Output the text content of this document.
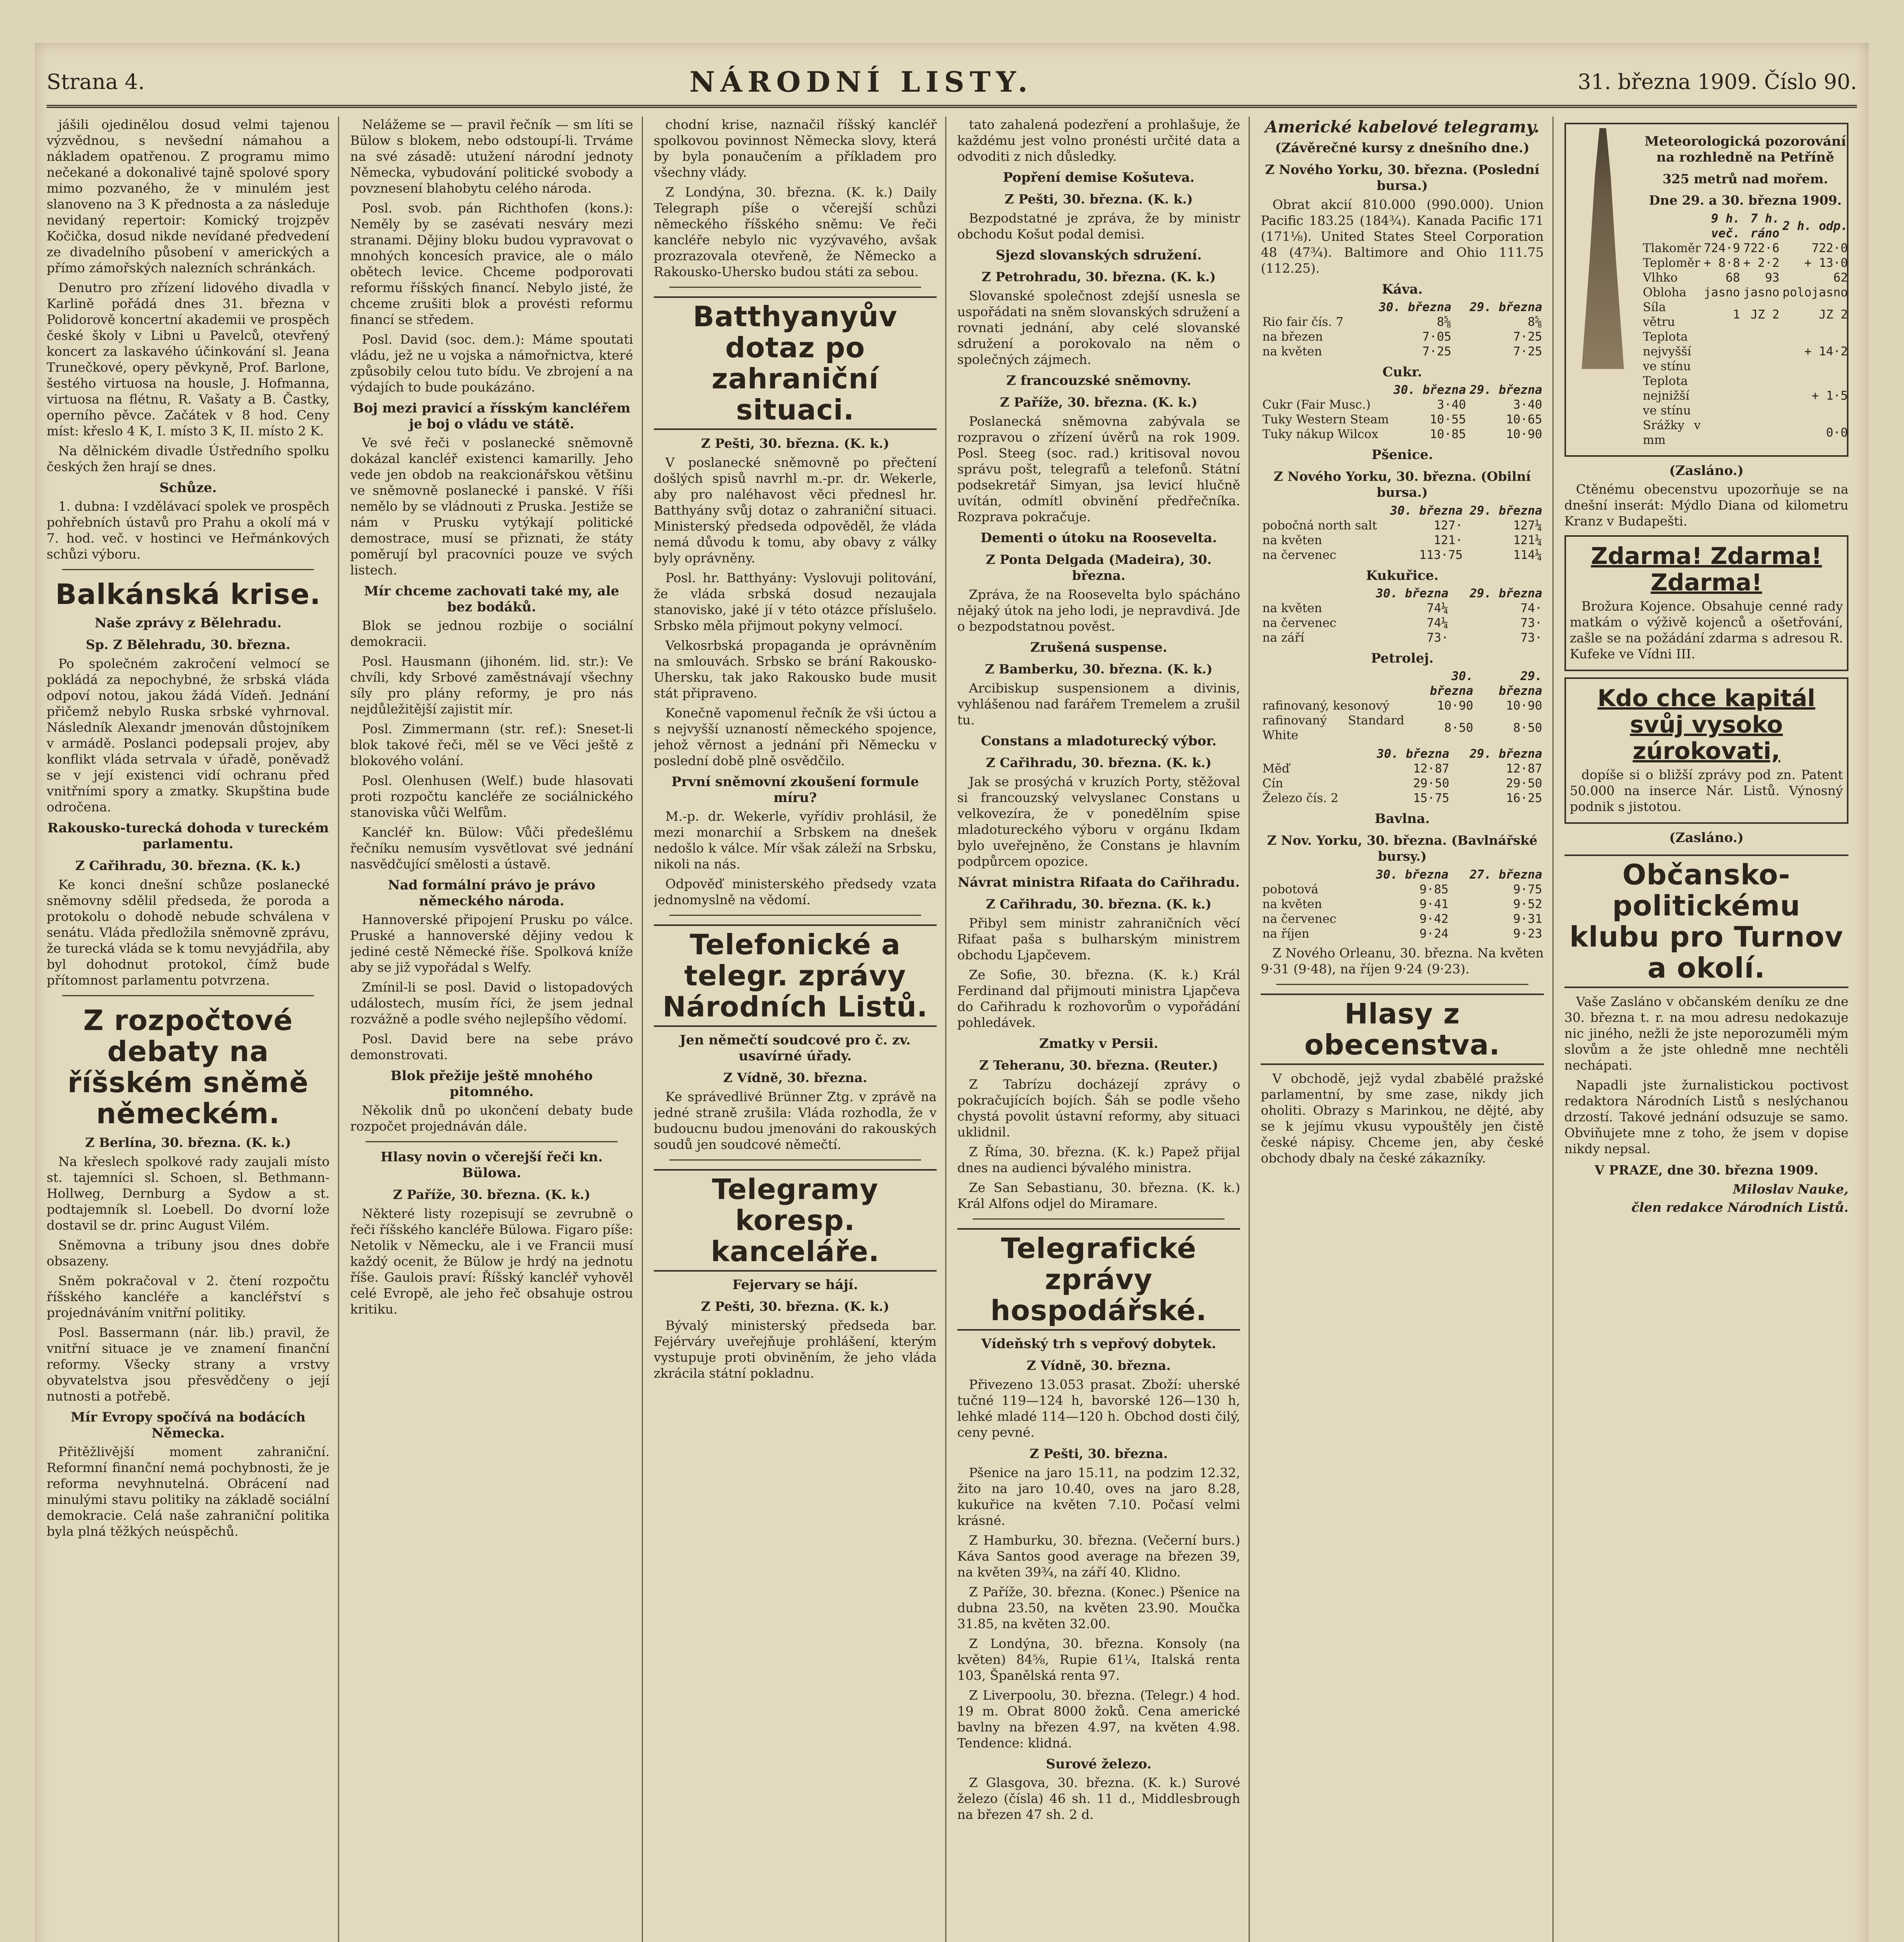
Strana 4.	NÁRODNÍ LISTY.	31. března 1909. Číslo 90.

jášili ojedinělou dosud velmi tajenou výzvědnou, s nevšední námahou a nákladem opatřenou. Z programu mimo nečekané a dokonalivé tajně spolové spory mimo pozvaného, že v minulém jest slanoveno na 3 K přednosta a za následuje nevidaný repertoir: Komický trojzpěv Kočička, dosud nikde nevídané předvedení ze divadelního působení v amerických a přímo zámořských nalezních schránkách.

Denutro pro zřízení lidového divadla v Karlině pořádá dnes 31. března v Polidorově koncertní akademii ve prospěch české školy v Libni u Pavelců, otevřený koncert za laskavého účinkování sl. Jeana Trunečkové, opery pěvkyně, Prof. Barlone, šestého virtuosa na housle, J. Hofmanna, virtuosa na flétnu, R. Vašaty a B. Častky, operního pěvce. Začátek v 8 hod. Ceny míst: křeslo 4 K, I. místo 3 K, II. místo 2 K.

Na dělnickém divadle Ústředního spolku českých žen hrají se dnes.

Schůze.

1. dubna: I vzdělávací spolek ve prospěch pohřebních ústavů pro Prahu a okolí má v 7. hod. več. v hostinci ve Heřmánkových schůzi výboru.

Balkánská krise.
Naše zprávy z Bělehradu.
Sp. Z Bělehradu, 30. března.

Po společném zakročení velmocí se pokládá za nepochybné, že srbská vláda odpoví notou, jakou žádá Vídeň. Jednání přičemž nebylo Ruska srbské vyhrnoval. Následník Alexandr jmenován důstojníkem v armádě. Poslanci podepsali projev, aby konflikt vláda setrvala v úřadě, poněvadž se v její existenci vidí ochranu před vnitřními spory a zmatky. Skupština bude odročena.

Rakousko-turecká dohoda v tureckém parlamentu.
Z Cařihradu, 30. března. (K. k.)

Ke konci dnešní schůze poslanecké sněmovny sdělil předseda, že poroda a protokolu o dohodě nebude schválena v senátu. Vláda předložila sněmovně zprávu, že turecká vláda se k tomu nevyjádřila, aby byl dohodnut protokol, čímž bude přítomnost parlamentu potvrzena.

Z rozpočtové debaty na říšském sněmě německém.
Z Berlína, 30. března. (K. k.)

Na křeslech spolkové rady zaujali místo st. tajemníci sl. Schoen, sl. Bethmann-Hollweg, Dernburg a Sydow a st. podtajemník sl. Loebell. Do dvorní lože dostavil se dr. princ August Vilém.

Sněmovna a tribuny jsou dnes dobře obsazeny.

Sněm pokračoval v 2. čtení rozpočtu říšského kancléře a kancléřství s projednáváním vnitřní politiky.

Posl. Bassermann (nár. lib.) pravil, že vnitřní situace je ve znamení finanční reformy. Všecky strany a vrstvy obyvatelstva jsou přesvědčeny o její nutnosti a potřebě.

Mír Evropy spočívá na bodácích Německa.

Přitěžlivější moment zahraniční. Reformní finanční nemá pochybnosti, že je reforma nevyhnutelná. Obrácení nad minulými stavu politiky na základě sociální demokracie. Celá naše zahraniční politika byla plná těžkých neúspěchů.

Nelážeme se — pravil řečník — sm líti se Bülow s blokem, nebo odstoupí-li. Trváme na své zásadě: utužení národní jednoty Německa, vybudování politické svobody a povznesení blahobytu celého národa.

Posl. svob. pán Richthofen (kons.): Neměly by se zasévati nesváry mezi stranami. Dějiny bloku budou vypravovat o mnohých koncesích pravice, ale o málo obětech levice. Chceme podporovati reformu říšských financí. Nebylo jisté, že chceme zrušiti blok a provésti reformu financí se středem.

Posl. David (soc. dem.): Máme spoutati vládu, jež ne u vojska a námořnictva, které způsobily celou tuto bídu. Ve zbrojení a na výdajích to bude poukázáno.

Boj mezi pravicí a řísským kancléřem je boj o vládu ve státě.

Ve své řeči v poslanecké sněmovně dokázal kancléř existenci kamarilly. Jeho vede jen obdob na reakcionářskou většinu ve sněmovně poslanecké i panské. V říši nemělo by se vládnouti z Pruska. Jestiže se nám v Prusku vytýkají politické demostrace, musí se přiznati, že státy poměrují byl pracovníci pouze ve svých listech.

Mír chceme zachovati také my, ale bez bodáků.

Blok se jednou rozbije o sociální demokracii.

Posl. Hausmann (jihoném. lid. str.): Ve chvíli, kdy Srbové zaměstnávají všechny síly pro plány reformy, je pro nás nejdůležitější zajistit mír.

Posl. Zimmermann (str. ref.): Sneset-li blok takové řeči, měl se ve Věci ještě z blokového volání.

Posl. Olenhusen (Welf.) bude hlasovati proti rozpočtu kancléře ze sociálnického stanoviska vůči Welfům.

Kancléř kn. Bülow: Vůči předešlému řečníku nemusím vysvětlovat své jednání nasvědčující smělosti a ústavě.

Nad formální právo je právo německého národa.

Hannoverské připojení Prusku po válce. Pruské a hannoverské dějiny vedou k jediné cestě Německé říše. Spolková kníže aby se již vypořádal s Welfy.

Zmínil-li se posl. David o listopadových událostech, musím říci, že jsem jednal rozvážně a podle svého nejlepšího vědomí.

Posl. David bere na sebe právo demonstrovati.

Blok přežije ještě mnohého pitomného.

Několik dnů po ukončení debaty bude rozpočet projednáván dále.

Hlasy novin o včerejší řeči kn. Bülowa.
Z Paříže, 30. března. (K. k.)

Některé listy rozepisují se zevrubně o řeči říšského kancléře Bülowa. Figaro píše: Netolik v Německu, ale i ve Francii musí každý ocenit, že Bülow je hrdý na jednotu říše. Gaulois praví: Říšský kancléř vyhověl celé Evropě, ale jeho řeč obsahuje ostrou kritiku.

chodní krise, naznačil říšský kancléř spolkovou povinnost Německa slovy, která by byla ponaučením a příkladem pro všechny vlády.

Z Londýna, 30. března. (K. k.) Daily Telegraph píše o včerejší schůzi německého říšského sněmu: Ve řeči kancléře nebylo nic vyzývavého, avšak prozrazovala otevřeně, že Německo a Rakousko-Uhersko budou státi za sebou.

Batthyanyův dotaz po zahraniční situaci.
Z Pešti, 30. března. (K. k.)

V poslanecké sněmovně po přečtení došlých spisů navrhl m.-pr. dr. Wekerle, aby pro naléhavost věci přednesl hr. Batthyány svůj dotaz o zahraniční situaci. Ministerský předseda odpověděl, že vláda nemá důvodu k tomu, aby obavy z války byly oprávněny.

Posl. hr. Batthyány: Vyslovuji politování, že vláda srbská dosud nezaujala stanovisko, jaké jí v této otázce příslušelo. Srbsko měla přijmout pokyny velmocí.

Velkosrbská propaganda je oprávněním na smlouvách. Srbsko se brání Rakousko-Uhersku, tak jako Rakousko bude musit stát připraveno.

Konečně vapomenul řečník že vši úctou a s nejvyšší uznaností německého spojence, jehož věrnost a jednání při Německu v poslední době plně osvědčilo.

První sněmovní zkoušení formule míru?

M.-p. dr. Wekerle, vyřídiv prohlásil, že mezi monarchií a Srbskem na dnešek nedošlo k válce. Mír však záleží na Srbsku, nikoli na nás.

Odpověď ministerského předsedy vzata jednomyslně na vědomí.

Telefonické a telegr. zprávy Národních Listů.
Jen němečtí soudcové pro č. zv. usavírné úřady.
Z Vídně, 30. března.

Ke správedlivé Brünner Ztg. v zprávě na jedné straně zrušila: Vláda rozhodla, že v budoucnu budou jmenováni do rakouských soudů jen soudcové němečtí.

Telegramy koresp. kanceláře.
Fejervary se hájí.
Z Pešti, 30. března. (K. k.)

Bývalý ministerský předseda bar. Fejérváry uveřejňuje prohlášení, kterým vystupuje proti obviněním, že jeho vláda zkrácila státní pokladnu.

tato zahalená podezření a prohlašuje, že každému jest volno pronésti určité data a odvoditi z nich důsledky.

Popření demise Košuteva.
Z Pešti, 30. března. (K. k.)

Bezpodstatné je zpráva, že by ministr obchodu Košut podal demisi.

Sjezd slovanských sdružení.
Z Petrohradu, 30. března. (K. k.)

Slovanské společnost zdejší usnesla se uspořádati na sněm slovanských sdružení a rovnati jednání, aby celé slovanské sdružení a porokovalo na něm o společných zájmech.

Z francouzské sněmovny.
Z Paříže, 30. března. (K. k.)

Poslanecká sněmovna zabývala se rozpravou o zřízení úvěrů na rok 1909. Posl. Steeg (soc. rad.) kritisoval novou správu pošt, telegrafů a telefonů. Státní podsekretář Simyan, jsa levicí hlučně uvítán, odmítl obvinění předřečníka. Rozprava pokračuje.

Dementi o útoku na Roosevelta.
Z Ponta Delgada (Madeira), 30. března.

Zpráva, že na Roosevelta bylo spácháno nějaký útok na jeho lodi, je nepravdivá. Jde o bezpodstatnou pověst.

Zrušená suspense.
Z Bamberku, 30. března. (K. k.)

Arcibiskup suspensionem a divinis, vyhlášenou nad farářem Tremelem a zrušil tu.

Constans a mladoturecký výbor.
Z Cařihradu, 30. března. (K. k.)

Jak se prosýchá v kruzích Porty, stěžoval si francouzský velvyslanec Constans u velkovezíra, že v ponedělním spise mladotureckého výboru v orgánu Ikdam bylo uveřejněno, že Constans je hlavním podpůrcem opozice.

Návrat ministra Rifaata do Cařihradu.
Z Cařihradu, 30. března. (K. k.)

Přibyl sem ministr zahraničních věcí Rifaat paša s bulharským ministrem obchodu Ljapčevem.

Ze Sofie, 30. března. (K. k.) Král Ferdinand dal přijmouti ministra Ljapčeva do Cařihradu k rozhovorům o vypořádání pohledávek.

Zmatky v Persii.
Z Teheranu, 30. března. (Reuter.)

Z Tabrízu docházejí zprávy o pokračujících bojích. Šáh se podle všeho chystá povolit ústavní reformy, aby situaci uklidnil.

Z Říma, 30. března. (K. k.) Papež přijal dnes na audienci bývalého ministra.

Ze San Sebastianu, 30. března. (K. k.) Král Alfons odjel do Miramare.

Telegrafické zprávy hospodářské.
Vídeňský trh s vepřový dobytek.
Z Vídně, 30. března.

Přivezeno 13.053 prasat. Zboží: uherské tučné 119—124 h, bavorské 126—130 h, lehké mladé 114—120 h. Obchod dosti čilý, ceny pevné.

Z Pešti, 30. března.

Pšenice na jaro 15.11, na podzim 12.32, žito na jaro 10.40, oves na jaro 8.28, kukuřice na květen 7.10. Počasí velmi krásné.

Z Hamburku, 30. března. (Večerní burs.) Káva Santos good average na březen 39, na květen 39¾, na září 40. Klidno.

Z Paříže, 30. března. (Konec.) Pšenice na dubna 23.50, na květen 23.90. Moučka 31.85, na květen 32.00.

Z Londýna, 30. března. Konsoly (na květen) 84⅝, Rupie 61¼, Italská renta 103, Španělská renta 97.

Z Liverpoolu, 30. března. (Telegr.) 4 hod. 19 m. Obrat 8000 žoků. Cena americké bavlny na březen 4.97, na květen 4.98. Tendence: klidná.

Surové železo.

Z Glasgova, 30. března. (K. k.) Surové železo (čísla) 46 sh. 11 d., Middlesbrough na březen 47 sh. 2 d.

Americké kabelové telegramy.
(Závěrečné kursy z dnešního dne.)
Z Nového Yorku, 30. března. (Poslední bursa.)

Obrat akcií 810.000 (990.000). Union Pacific 183.25 (184¾). Kanada Pacific 171 (171⅛). United States Steel Corporation 48 (47¾). Baltimore and Ohio 111.75 (112.25).

Káva.
	30. března	29. března
Rio fair čís. 7	8⅝	8⅝
na březen	7·05	7·25
na květen	7·25	7·25
Cukr.
	30. března	29. března
Cukr (Fair Musc.)	3·40	3·40
Tuky Western Steam	10·55	10·65
Tuky nákup Wilcox	10·85	10·90
Pšenice.
Z Nového Yorku, 30. března. (Obilní bursa.)
	30. března	29. března
pobočná north salt	127·	127¼
na květen	121·	121¼
na červenec	113·75	114¼
Kukuřice.
	30. března	29. března
na květen	74¼	74·
na červenec	74¼	73·
na září	73·	73·
Petrolej.
	30. března	29. března
rafinovaný, kesonový	10·90	10·90
rafinovaný Standard White	8·50	8·50
	30. března	29. března
Měď	12·87	12·87
Cín	29·50	29·50
Železo čís. 2	15·75	16·25
Bavlna.
Z Nov. Yorku, 30. března. (Bavlnářské bursy.)
	30. března	27. března
pobotová	9·85	9·75
na květen	9·41	9·52
na červenec	9·42	9·31
na říjen	9·24	9·23

Z Nového Orleanu, 30. března. Na květen 9·31 (9·48), na říjen 9·24 (9·23).

Hlasy z obecenstva.

V obchodě, jejž vydal zbabělé pražské parlamentní, by sme zase, nikdy jich oholiti. Obrazy s Marinkou, ne dějté, aby se k jejímu vkusu vypouštěly jen čistě české nápisy. Chceme jen, aby české obchody dbaly na české zákazníky.

Meteorologická pozorování na rozhledně na Petříně
325 metrů nad mořem.
Dne 29. a 30. března 1909.
	9 h. več.	7 h. ráno	2 h. odp.
Tlakoměr	724·9	722·6	722·0
Teploměr	+ 8·8	+ 2·2	+ 13·0
Vlhko	68	93	62
Obloha	jasno	jasno	polojasno
Síla větru	1	JZ 2	JZ 2
Teplota nejvyšší ve stínu			+ 14·2
Teplota nejnižší ve stínu			+ 1·5
Srážky v mm			0·0
(Zasláno.)

Ctěnému obecenstvu upozorňuje se na dnešní inserát: Mýdlo Diana od kilometru Kranz v Budapešti.

Zdarma! Zdarma! Zdarma!

Brožura Kojence. Obsahuje cenné rady matkám o výživě kojenců a ošetřování, zašle se na požádání zdarma s adresou R. Kufeke ve Vídni III.

Kdo chce kapitál svůj vysoko zúrokovati,

dopíše si o bližší zprávy pod zn. Patent 50.000 na inserce Nár. Listů. Výnosný podnik s jistotou.

(Zasláno.)
Občansko-politickému klubu pro Turnov a okolí.

Vaše Zasláno v občanském deníku ze dne 30. března t. r. na mou adresu nedokazuje nic jiného, nežli že jste neporozuměli mým slovům a že jste ohledně mne nechtěli nechápati.

Napadli jste žurnalistickou poctivost redaktora Národních Listů s neslýchanou drzostí. Takové jednání odsuzuje se samo. Obviňujete mne z toho, že jsem v dopise nikdy nepsal.

V PRAZE, dne 30. března 1909.
Miloslav Nauke,
člen redakce Národních Listů.
